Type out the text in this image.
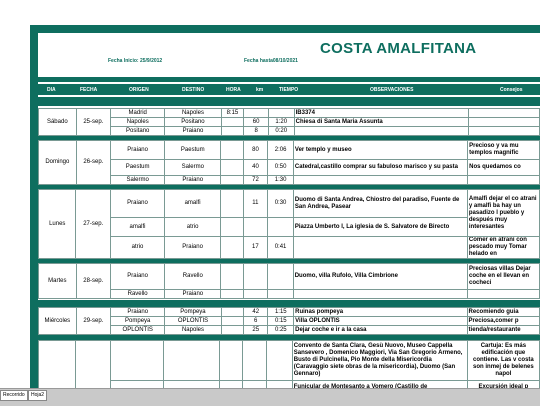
COSTA AMALFITANA
Fecha Inicio: 25/9/2012	Fecha hasta08/10/2021
DIA	FECHA	ORIGEN	DESTINO	HORA	km	TIEMPO	OBSERVACIONES	Consejos
Sábado	25-sep.	Madrid	Napoles	8:15			IB3374	
		Napoles	Positano		60	1:20	Chiesa di Santa Maria Assunta	
		Positano	Praiano		8	0:20		
Domingo	26-sep.	Praiano	Paestum		80	2:06	Ver templo y museo	Precioso y va mu templos magnific
		Paestum	Salermo		40	0:50	Catedral,castillo comprar su fabuloso marisco y su pasta	Nos quedamos co
		Salermo	Praiano		72	1:30		
Lunes	27-sep.	Praiano	amalfi		11	0:30	Duomo di Santa Andrea, Chiostro del paradiso, Fuente de San Andrea, Pasear	Amalfi dejar el co atrani y amalfi ba hay un pasadizo l pueblo y después muy interesantes
		amalfi	atrio				Piazza Umberto I, La iglesia de S. Salvatore de Birecto	
		atrio	Praiano		17	0:41		Comer en atrani con pescado muy Tomar helado en
Martes	28-sep.	Praiano	Ravello				Duomo, villa Rufolo, Villa Cimbrione	Preciosas villas Dejar coche en el llevan en cocheci
		Ravello	Praiano					
Miércoles	29-sep.	Praiano	Pompeya		42	1:15	Ruinas pompeya	Recomiendo guia
		Pompeya	OPLONTIS		6	0:15	Villa OPLONTIS	Preciosa,comer p
		OPLONTIS	Napoles		25	0:25	Dejar coche e ir a la casa	tienda/restaurante
							Convento de Santa Clara, Gesù Nuovo, Museo Cappella Sansevero , Domenico Maggiori, Via San Gregorio Armeno, Busto di Pulcinella, Pio Monte della Misericordia (Caravaggio siete obras de la misericordia), Duomo (San Gennaro)	Cartuja: Es más edificación que contiene. Las v costa son inmej de belenes napol
							Funicular de Montesanto a Vomero (Castillo de	Excursión ideal p
Recorrido	Hoja2
